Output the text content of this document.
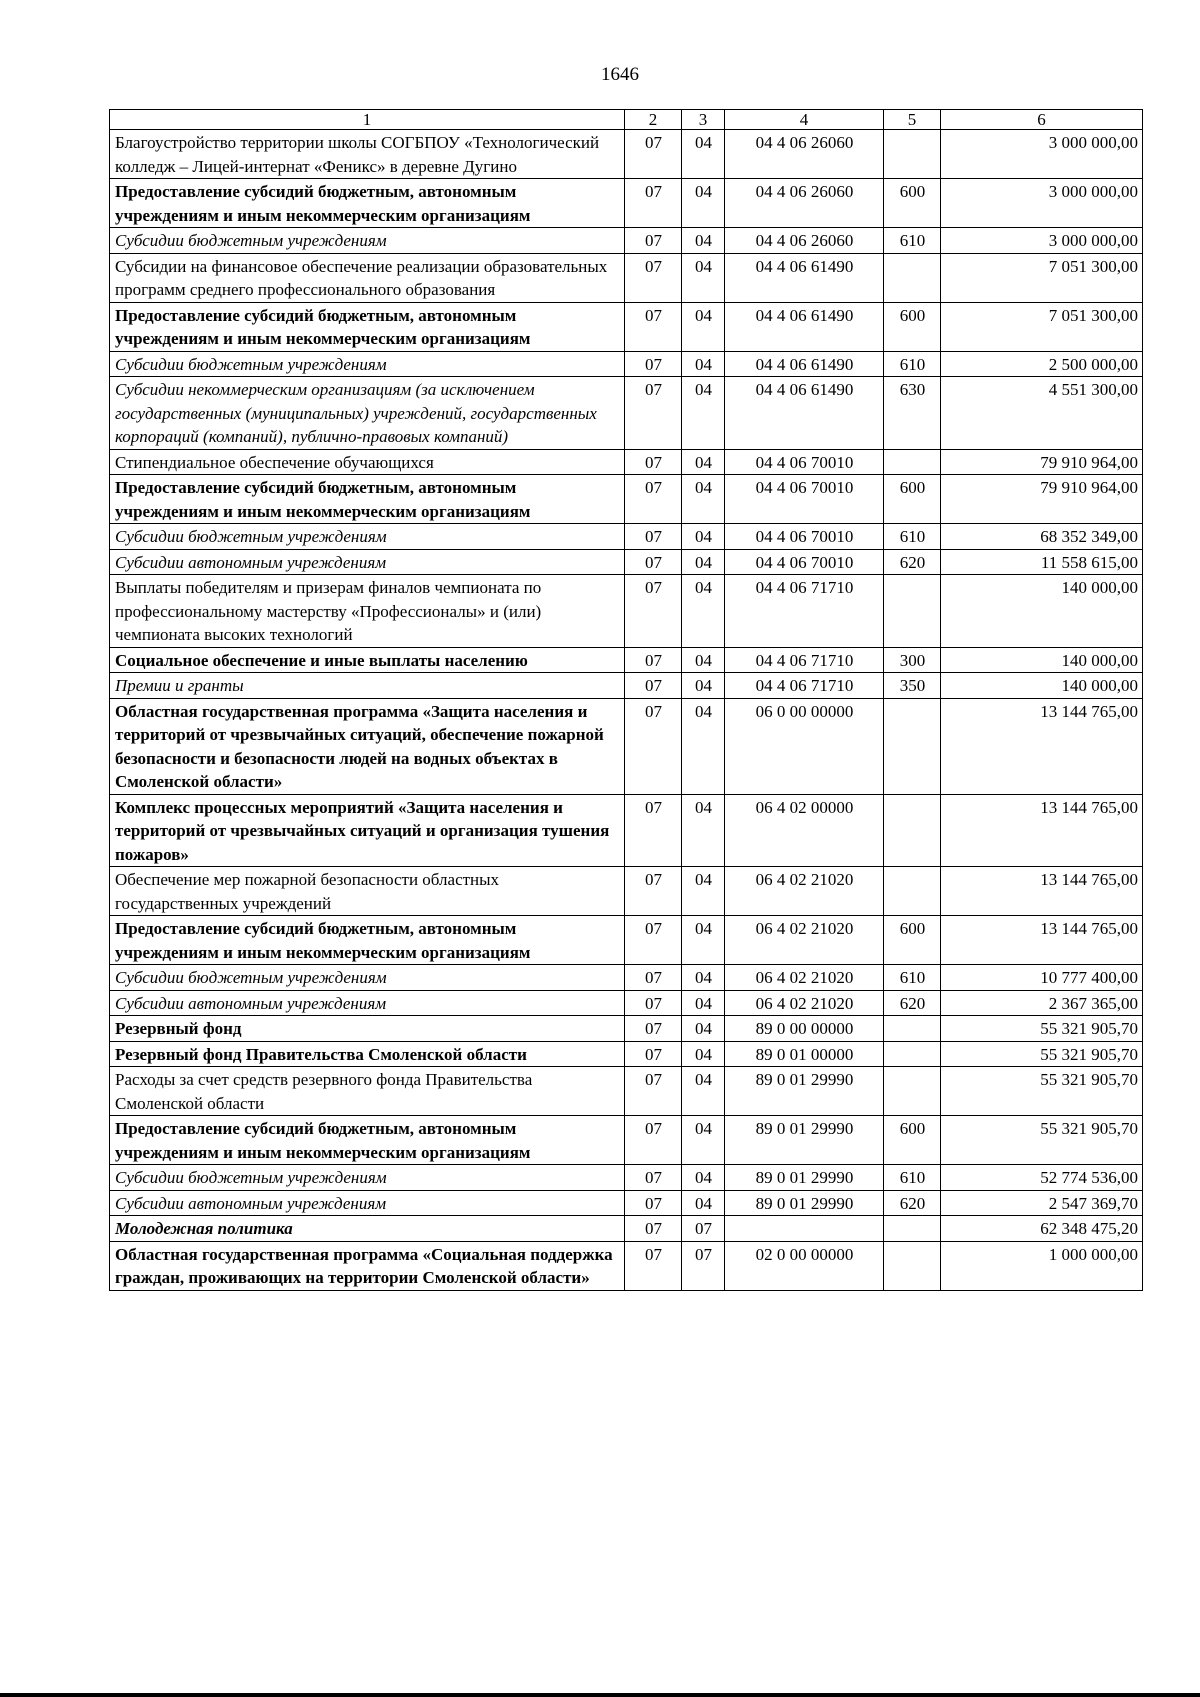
1646
1	2	3	4	5	6
Благоустройство территории школы СОГБПОУ «Технологический колледж – Лицей-интернат «Феникс» в деревне Дугино	07	04	04 4 06 26060		3 000 000,00
Предоставление субсидий бюджетным, автономным учреждениям и иным некоммерческим организациям	07	04	04 4 06 26060	600	3 000 000,00
Субсидии бюджетным учреждениям	07	04	04 4 06 26060	610	3 000 000,00
Субсидии на финансовое обеспечение реализации образовательных программ среднего профессионального образования	07	04	04 4 06 61490		7 051 300,00
Предоставление субсидий бюджетным, автономным учреждениям и иным некоммерческим организациям	07	04	04 4 06 61490	600	7 051 300,00
Субсидии бюджетным учреждениям	07	04	04 4 06 61490	610	2 500 000,00
Субсидии некоммерческим организациям (за исключением государственных (муниципальных) учреждений, государственных корпораций (компаний), публично-правовых компаний)	07	04	04 4 06 61490	630	4 551 300,00
Стипендиальное обеспечение обучающихся	07	04	04 4 06 70010		79 910 964,00
Предоставление субсидий бюджетным, автономным учреждениям и иным некоммерческим организациям	07	04	04 4 06 70010	600	79 910 964,00
Субсидии бюджетным учреждениям	07	04	04 4 06 70010	610	68 352 349,00
Субсидии автономным учреждениям	07	04	04 4 06 70010	620	11 558 615,00
Выплаты победителям и призерам финалов чемпионата по профессиональному мастерству «Профессионалы» и (или) чемпионата высоких технологий	07	04	04 4 06 71710		140 000,00
Социальное обеспечение и иные выплаты населению	07	04	04 4 06 71710	300	140 000,00
Премии и гранты	07	04	04 4 06 71710	350	140 000,00
Областная государственная программа «Защита населения и территорий от чрезвычайных ситуаций, обеспечение пожарной безопасности и безопасности людей на водных объектах в Смоленской области»	07	04	06 0 00 00000		13 144 765,00
Комплекс процессных мероприятий «Защита населения и территорий от чрезвычайных ситуаций и организация тушения пожаров»	07	04	06 4 02 00000		13 144 765,00
Обеспечение мер пожарной безопасности областных государственных учреждений	07	04	06 4 02 21020		13 144 765,00
Предоставление субсидий бюджетным, автономным учреждениям и иным некоммерческим организациям	07	04	06 4 02 21020	600	13 144 765,00
Субсидии бюджетным учреждениям	07	04	06 4 02 21020	610	10 777 400,00
Субсидии автономным учреждениям	07	04	06 4 02 21020	620	2 367 365,00
Резервный фонд	07	04	89 0 00 00000		55 321 905,70
Резервный фонд Правительства Смоленской области	07	04	89 0 01 00000		55 321 905,70
Расходы за счет средств резервного фонда Правительства Смоленской области	07	04	89 0 01 29990		55 321 905,70
Предоставление субсидий бюджетным, автономным учреждениям и иным некоммерческим организациям	07	04	89 0 01 29990	600	55 321 905,70
Субсидии бюджетным учреждениям	07	04	89 0 01 29990	610	52 774 536,00
Субсидии автономным учреждениям	07	04	89 0 01 29990	620	2 547 369,70
Молодежная политика	07	07			62 348 475,20
Областная государственная программа «Социальная поддержка граждан, проживающих на территории Смоленской области»	07	07	02 0 00 00000		1 000 000,00
